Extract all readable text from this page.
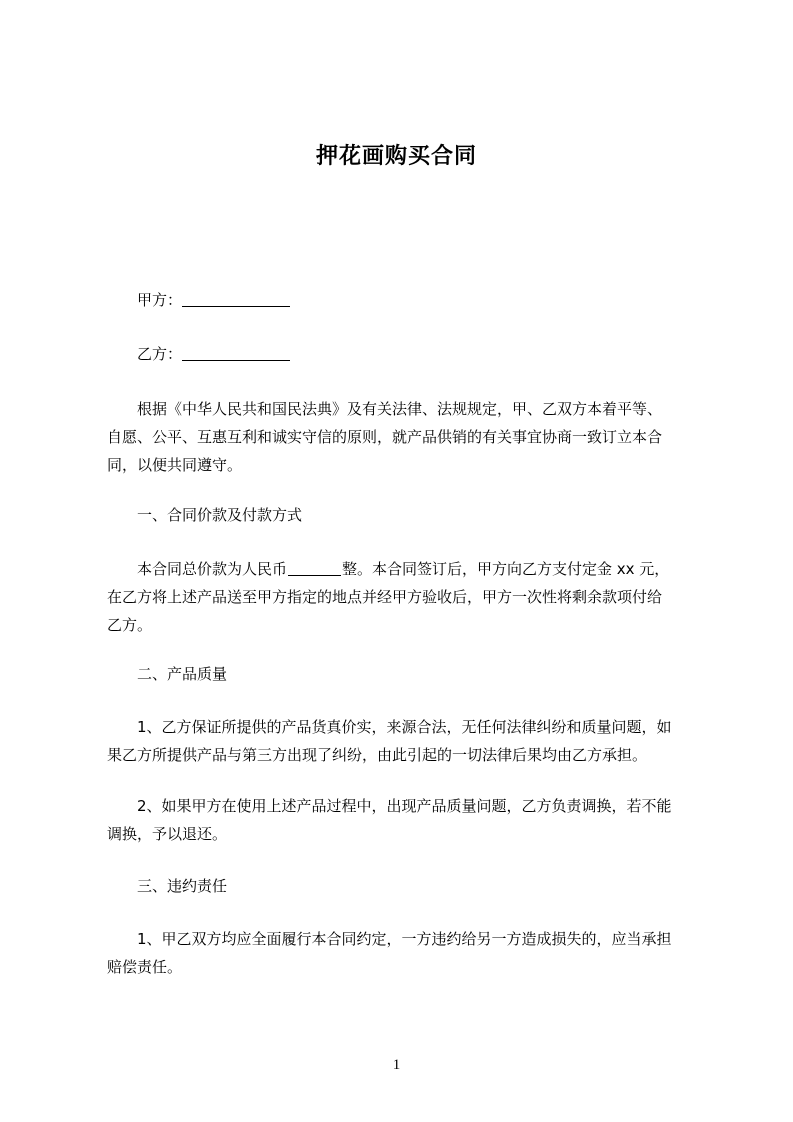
押花画购买合同
甲方：
乙方：
根据《中华人民共和国民法典》及有关法律、法规规定，甲、乙双方本着平等、
自愿、公平、互惠互利和诚实守信的原则，就产品供销的有关事宜协商一致订立本合
同，以便共同遵守。
一、合同价款及付款方式
本合同总价款为人民币	整。本合同签订后，甲方向乙方支付定金 xx 元，
在乙方将上述产品送至甲方指定的地点并经甲方验收后，甲方一次性将剩余款项付给
乙方。
二、产品质量
1、乙方保证所提供的产品货真价实，来源合法，无任何法律纠纷和质量问题，如
果乙方所提供产品与第三方出现了纠纷，由此引起的一切法律后果均由乙方承担。
2、如果甲方在使用上述产品过程中，出现产品质量问题，乙方负责调换，若不能
调换，予以退还。
三、违约责任
1、甲乙双方均应全面履行本合同约定，一方违约给另一方造成损失的，应当承担
赔偿责任。
1
